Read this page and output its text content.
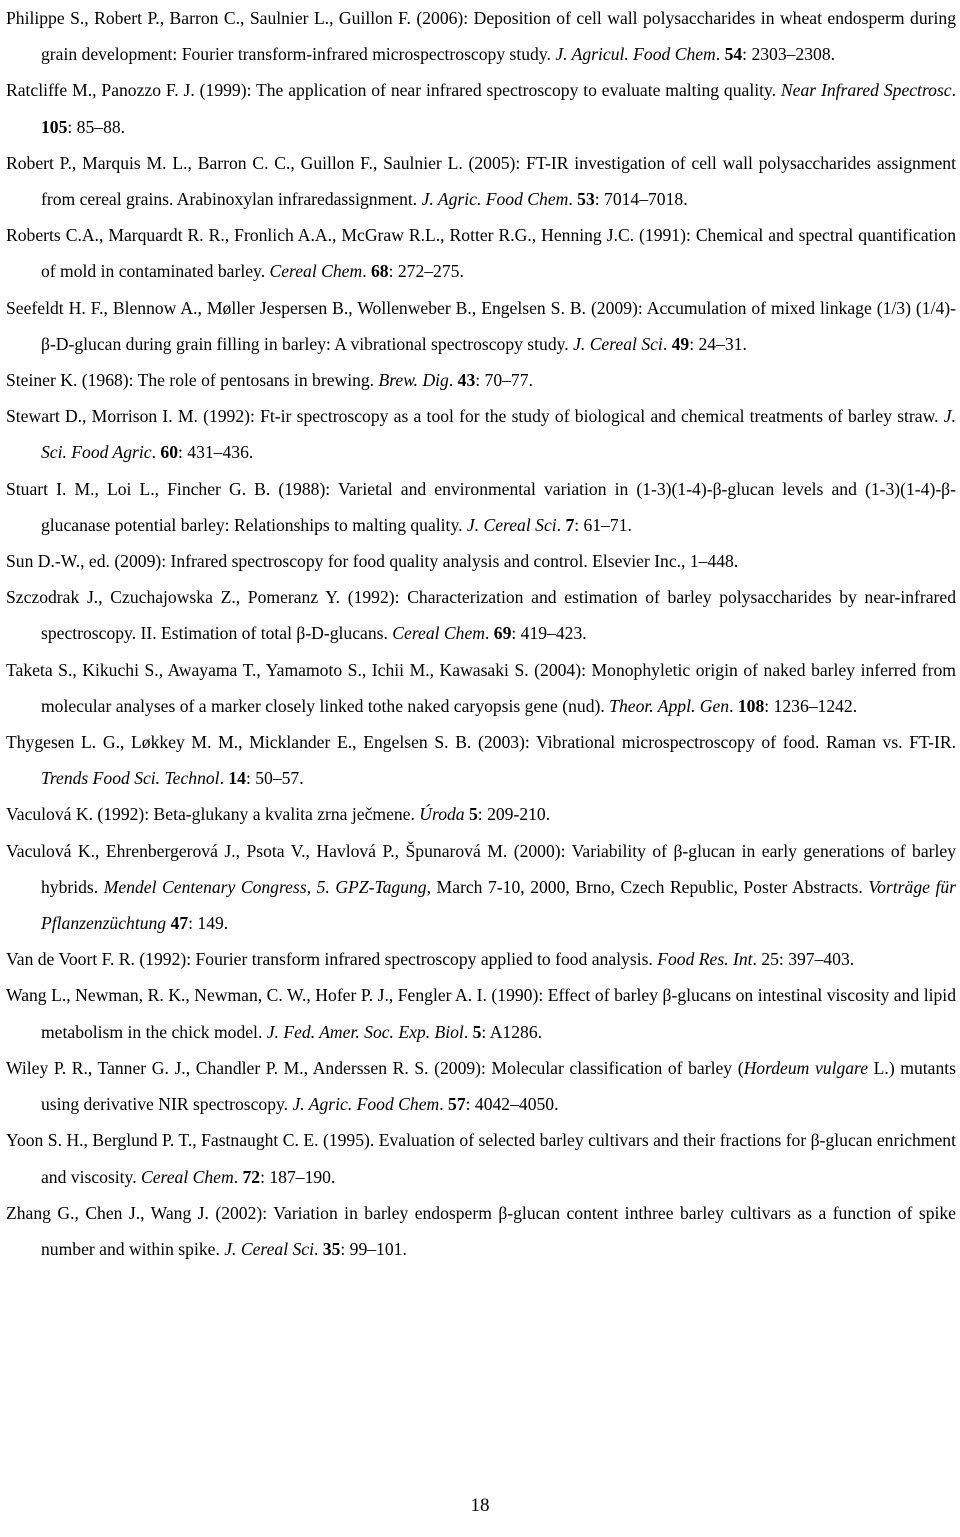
Philippe S., Robert P., Barron C., Saulnier L., Guillon F. (2006): Deposition of cell wall polysaccharides in wheat endosperm during grain development: Fourier transform-infrared microspectroscopy study. J. Agricul. Food Chem. 54: 2303–2308.

Ratcliffe M., Panozzo F. J. (1999): The application of near infrared spectroscopy to evaluate malting quality. Near Infrared Spectrosc. 105: 85–88.

Robert P., Marquis M. L., Barron C. C., Guillon F., Saulnier L. (2005): FT-IR investigation of cell wall polysaccharides assignment from cereal grains. Arabinoxylan infraredassignment. J. Agric. Food Chem. 53: 7014–7018.

Roberts C.A., Marquardt R. R., Fronlich A.A., McGraw R.L., Rotter R.G., Henning J.C. (1991): Chemical and spectral quantification of mold in contaminated barley. Cereal Chem. 68: 272–275.

Seefeldt H. F., Blennow A., Møller Jespersen B., Wollenweber B., Engelsen S. B. (2009): Accumulation of mixed linkage (1/3) (1/4)-β-D-glucan during grain filling in barley: A vibrational spectroscopy study. J. Cereal Sci. 49: 24–31.

Steiner K. (1968): The role of pentosans in brewing. Brew. Dig. 43: 70–77.

Stewart D., Morrison I. M. (1992): Ft-ir spectroscopy as a tool for the study of biological and chemical treatments of barley straw. J. Sci. Food Agric. 60: 431–436.

Stuart I. M., Loi L., Fincher G. B. (1988): Varietal and environmental variation in (1-3)(1-4)-β-glucan levels and (1-3)(1-4)-β-glucanase potential barley: Relationships to malting quality. J. Cereal Sci. 7: 61–71.

Sun D.-W., ed. (2009): Infrared spectroscopy for food quality analysis and control. Elsevier Inc., 1–448.

Szczodrak J., Czuchajowska Z., Pomeranz Y. (1992): Characterization and estimation of barley polysaccharides by near-infrared spectroscopy. II. Estimation of total β-D-glucans. Cereal Chem. 69: 419–423.

Taketa S., Kikuchi S., Awayama T., Yamamoto S., Ichii M., Kawasaki S. (2004): Monophyletic origin of naked barley inferred from molecular analyses of a marker closely linked tothe naked caryopsis gene (nud). Theor. Appl. Gen. 108: 1236–1242.

Thygesen L. G., Løkkey M. M., Micklander E., Engelsen S. B. (2003): Vibrational microspectroscopy of food. Raman vs. FT-IR. Trends Food Sci. Technol. 14: 50–57.

Vaculová K. (1992): Beta-glukany a kvalita zrna ječmene. Úroda 5: 209-210.

Vaculová K., Ehrenbergerová J., Psota V., Havlová P., Špunarová M. (2000): Variability of β-glucan in early generations of barley hybrids. Mendel Centenary Congress, 5. GPZ-Tagung, March 7-10, 2000, Brno, Czech Republic, Poster Abstracts. Vorträge für Pflanzenzüchtung 47: 149.

Van de Voort F. R. (1992): Fourier transform infrared spectroscopy applied to food analysis. Food Res. Int. 25: 397–403.

Wang L., Newman, R. K., Newman, C. W., Hofer P. J., Fengler A. I. (1990): Effect of barley β-glucans on intestinal viscosity and lipid metabolism in the chick model. J. Fed. Amer. Soc. Exp. Biol. 5: A1286.

Wiley P. R., Tanner G. J., Chandler P. M., Anderssen R. S. (2009): Molecular classification of barley (Hordeum vulgare L.) mutants using derivative NIR spectroscopy. J. Agric. Food Chem. 57: 4042–4050.

Yoon S. H., Berglund P. T., Fastnaught C. E. (1995). Evaluation of selected barley cultivars and their fractions for β-glucan enrichment and viscosity. Cereal Chem. 72: 187–190.

Zhang G., Chen J., Wang J. (2002): Variation in barley endosperm β-glucan content inthree barley cultivars as a function of spike number and within spike. J. Cereal Sci. 35: 99–101.

18
